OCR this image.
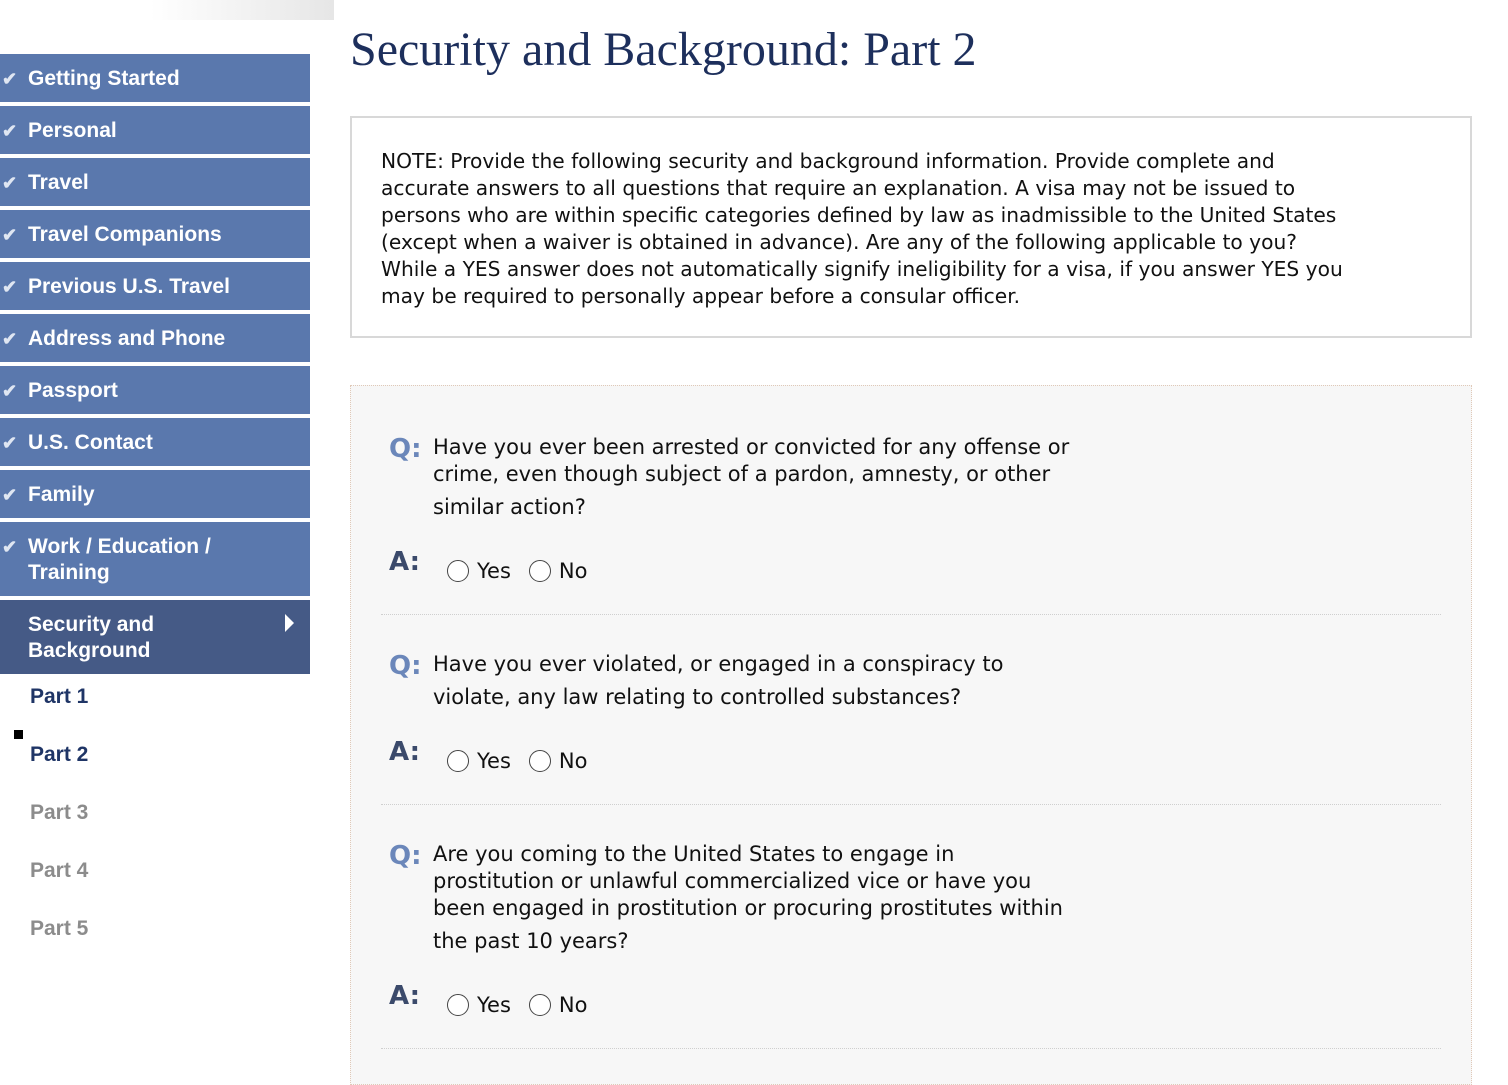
✔ Getting Started
✔ Personal
✔ Travel
✔ Travel Companions
✔ Previous U.S. Travel
✔ Address and Phone
✔ Passport
✔ U.S. Contact
✔ Family
✔ Work / Education / Training
Security and Background
Part 1
Part 2
Part 3
Part 4
Part 5
Security and Background: Part 2
NOTE: Provide the following security and background information. Provide complete and
accurate answers to all questions that require an explanation. A visa may not be issued to
persons who are within specific categories defined by law as inadmissible to the United States
(except when a waiver is obtained in advance). Are any of the following applicable to you?
While a YES answer does not automatically signify ineligibility for a visa, if you answer YES you
may be required to personally appear before a consular officer.
Q: Have you ever been arrested or convicted for any offense or
crime, even though subject of a pardon, amnesty, or other
similar action?
A:	Yes No
Q: Have you ever violated, or engaged in a conspiracy to
violate, any law relating to controlled substances?
A:	Yes No
Q: Are you coming to the United States to engage in
prostitution or unlawful commercialized vice or have you
been engaged in prostitution or procuring prostitutes within
the past 10 years?
A:	Yes No
